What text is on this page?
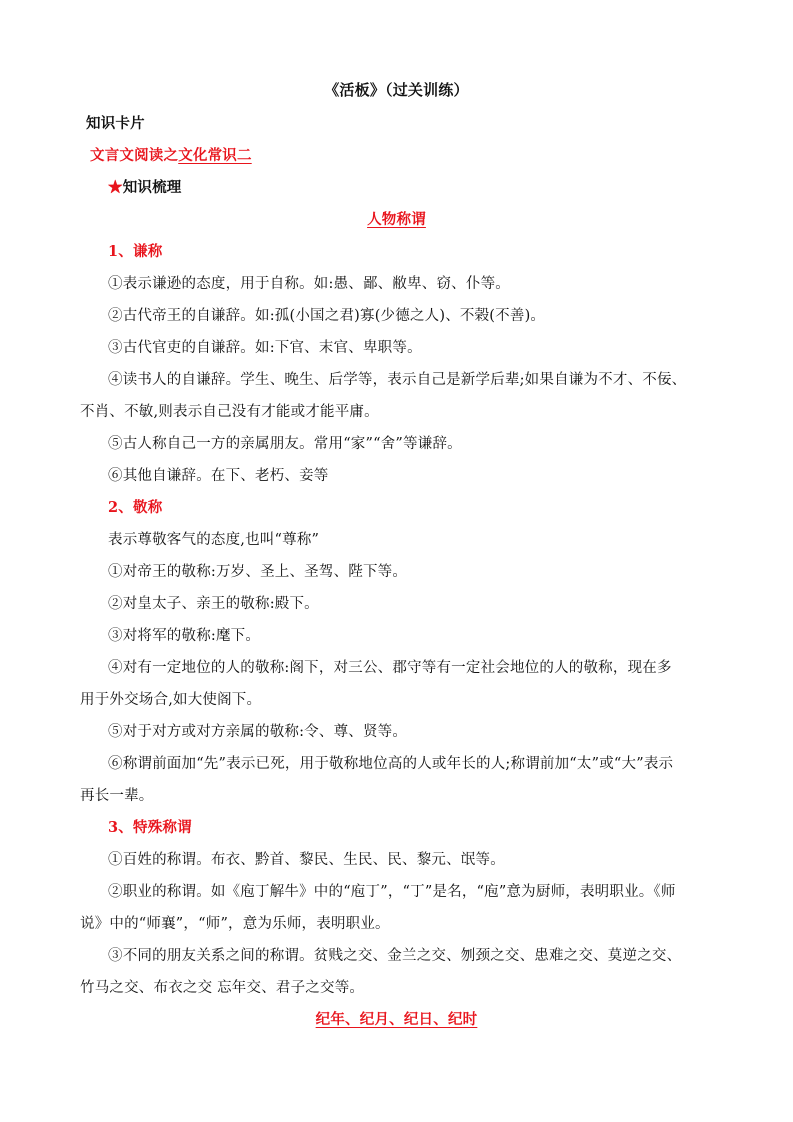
《活板》（过关训练）
知识卡片
文言文阅读之文化常识二
★知识梳理
人物称谓
1、谦称
①表示谦逊的态度，用于自称。如:愚、鄙、敝卑、窃、仆等。
②古代帝王的自谦辞。如:孤(小国之君)寡(少德之人)、不榖(不善)。
③古代官吏的自谦辞。如:下官、末官、卑职等。
④读书人的自谦辞。学生、晚生、后学等，表示自己是新学后辈;如果自谦为不才、不佞、
不肖、不敏,则表示自己没有才能或才能平庸。
⑤古人称自己一方的亲属朋友。常用“家”“舍”等谦辞。
⑥其他自谦辞。在下、老朽、妾等
2、敬称
表示尊敬客气的态度,也叫“尊称”
①对帝王的敬称:万岁、圣上、圣驾、陛下等。
②对皇太子、亲王的敬称:殿下。
③对将军的敬称:麾下。
④对有一定地位的人的敬称:阁下，对三公、郡守等有一定社会地位的人的敬称，现在多
用于外交场合,如大使阁下。
⑤对于对方或对方亲属的敬称:令、尊、贤等。
⑥称谓前面加“先”表示已死，用于敬称地位高的人或年长的人;称谓前加“太”或“大”表示
再长一辈。
3、特殊称谓
①百姓的称谓。布衣、黔首、黎民、生民、民、黎元、氓等。
②职业的称谓。如《庖丁解牛》中的“庖丁”，“丁”是名，“庖”意为厨师，表明职业。《师
说》中的“师襄”，“师”，意为乐师，表明职业。
③不同的朋友关系之间的称谓。贫贱之交、金兰之交、刎颈之交、患难之交、莫逆之交、
竹马之交、布衣之交 忘年交、君子之交等。
纪年、纪月、纪日、纪时
